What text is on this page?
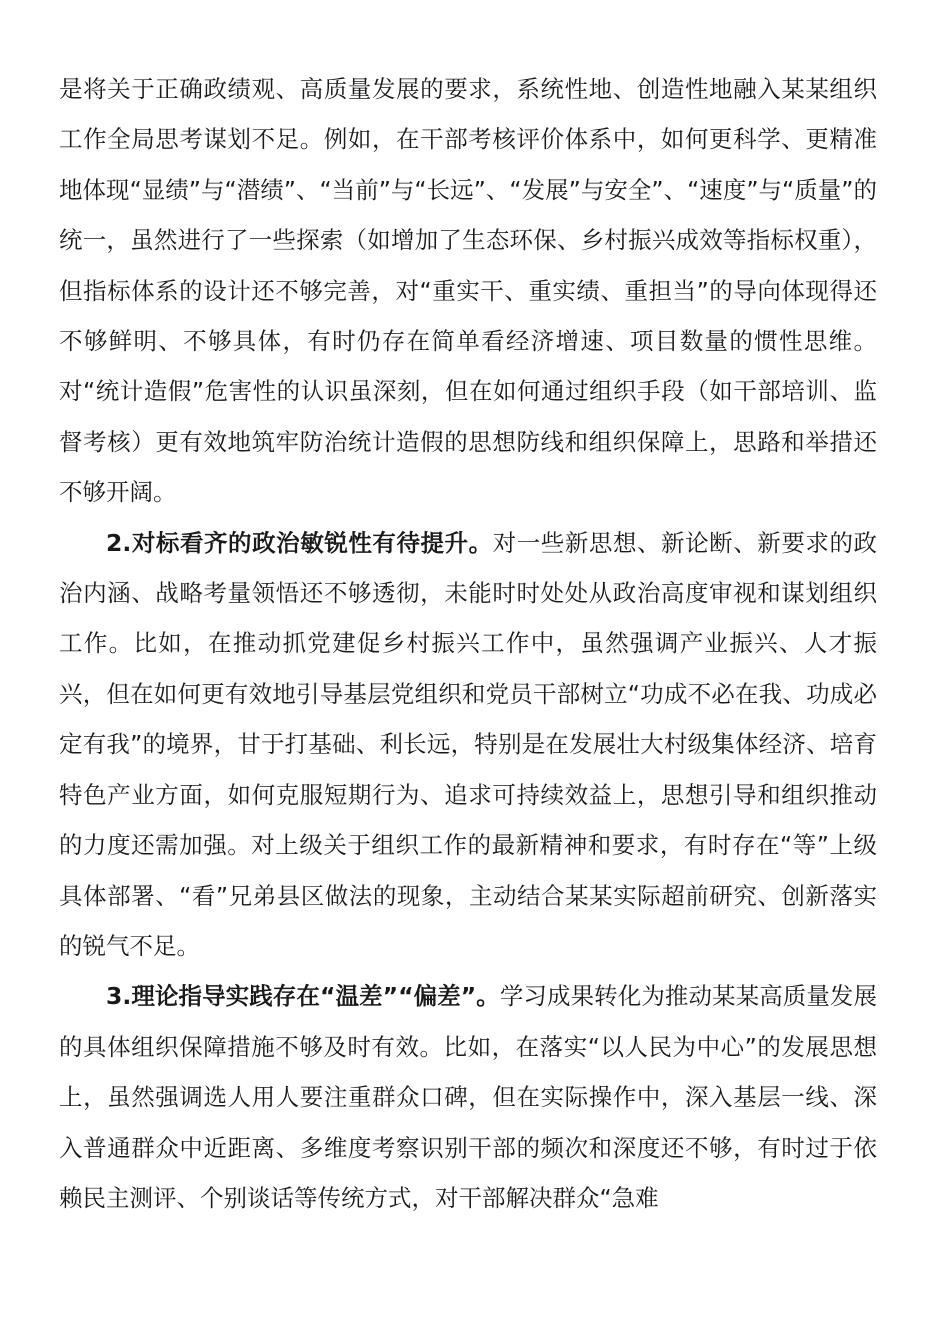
是将关于正确政绩观、高质量发展的要求，系统性地、创造性地融入某某组织工作全局思考谋划不足。例如，在干部考核评价体系中，如何更科学、更精准地体现“显绩”与“潜绩”、“当前”与“长远”、“发展”与安全”、“速度”与“质量”的统一，虽然进行了一些探索（如增加了生态环保、乡村振兴成效等指标权重），但指标体系的设计还不够完善，对“重实干、重实绩、重担当”的导向体现得还不够鲜明、不够具体，有时仍存在简单看经济增速、项目数量的惯性思维。对“统计造假”危害性的认识虽深刻，但在如何通过组织手段（如干部培训、监督考核）更有效地筑牢防治统计造假的思想防线和组织保障上，思路和举措还不够开阔。

2.对标看齐的政治敏锐性有待提升。对一些新思想、新论断、新要求的政治内涵、战略考量领悟还不够透彻，未能时时处处从政治高度审视和谋划组织工作。比如，在推动抓党建促乡村振兴工作中，虽然强调产业振兴、人才振兴，但在如何更有效地引导基层党组织和党员干部树立“功成不必在我、功成必定有我”的境界，甘于打基础、利长远，特别是在发展壮大村级集体经济、培育特色产业方面，如何克服短期行为、追求可持续效益上，思想引导和组织推动的力度还需加强。对上级关于组织工作的最新精神和要求，有时存在“等”上级具体部署、“看”兄弟县区做法的现象，主动结合某某实际超前研究、创新落实的锐气不足。

3.理论指导实践存在“温差”“偏差”。学习成果转化为推动某某高质量发展的具体组织保障措施不够及时有效。比如，在落实“以人民为中心”的发展思想上，虽然强调选人用人要注重群众口碑，但在实际操作中，深入基层一线、深入普通群众中近距离、多维度考察识别干部的频次和深度还不够，有时过于依赖民主测评、个别谈话等传统方式，对干部解决群众“急难
